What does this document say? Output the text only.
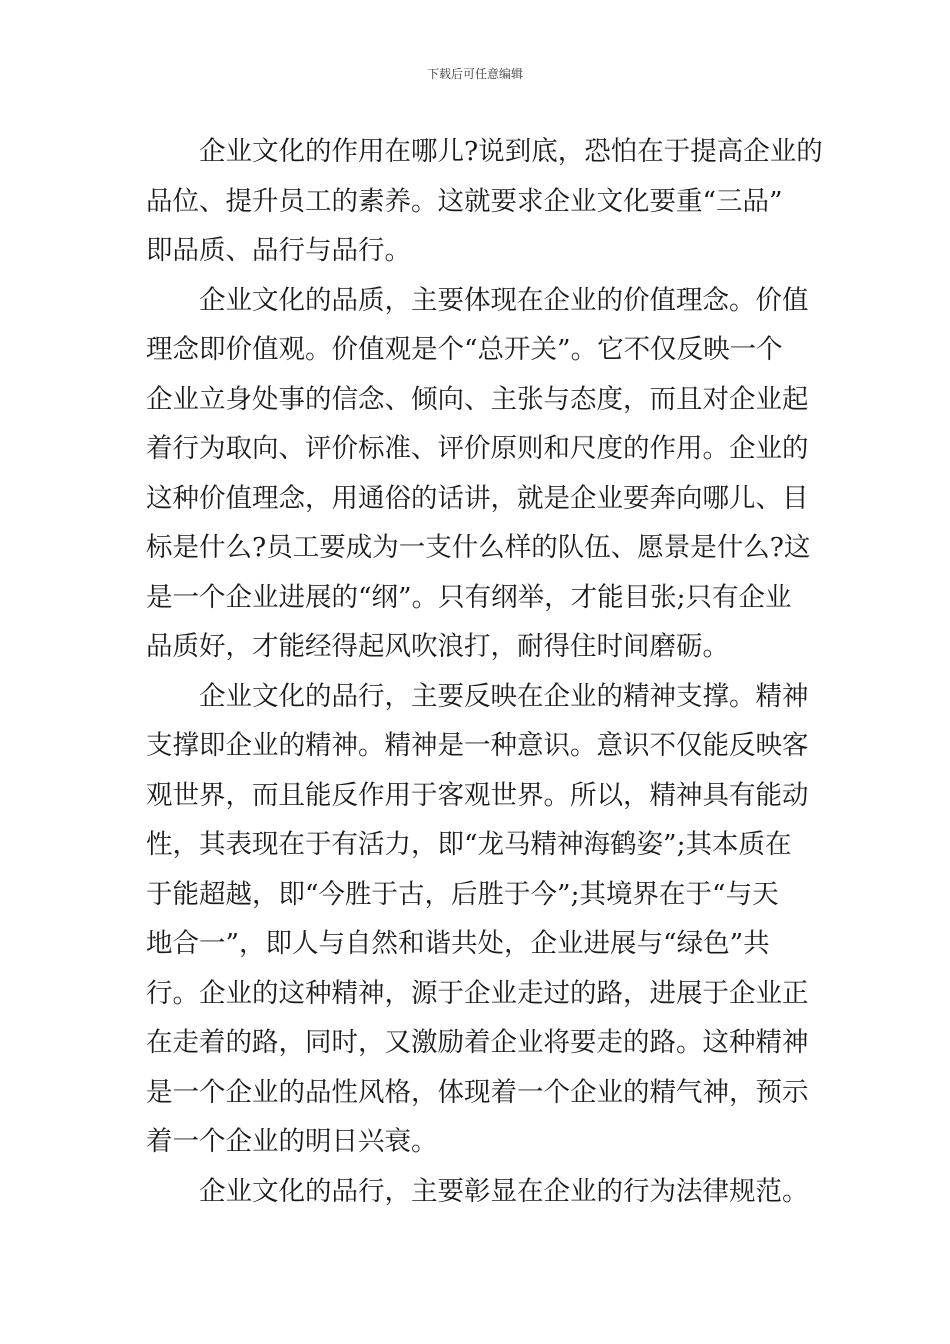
下载后可任意编辑
企业文化的作用在哪儿?说到底，恐怕在于提高企业的
品位、提升员工的素养。这就要求企业文化要重“三品”
即品质、品行与品行。
企业文化的品质，主要体现在企业的价值理念。价值
理念即价值观。价值观是个“总开关”。它不仅反映一个
企业立身处事的信念、倾向、主张与态度，而且对企业起
着行为取向、评价标准、评价原则和尺度的作用。企业的
这种价值理念，用通俗的话讲，就是企业要奔向哪儿、目
标是什么?员工要成为一支什么样的队伍、愿景是什么?这
是一个企业进展的“纲”。只有纲举，才能目张;只有企业
品质好，才能经得起风吹浪打，耐得住时间磨砺。
企业文化的品行，主要反映在企业的精神支撑。精神
支撑即企业的精神。精神是一种意识。意识不仅能反映客
观世界，而且能反作用于客观世界。所以，精神具有能动
性，其表现在于有活力，即“龙马精神海鹤姿”;其本质在
于能超越，即“今胜于古，后胜于今”;其境界在于“与天
地合一”，即人与自然和谐共处，企业进展与“绿色”共
行。企业的这种精神，源于企业走过的路，进展于企业正
在走着的路，同时，又激励着企业将要走的路。这种精神
是一个企业的品性风格，体现着一个企业的精气神，预示
着一个企业的明日兴衰。
企业文化的品行，主要彰显在企业的行为法律规范。
